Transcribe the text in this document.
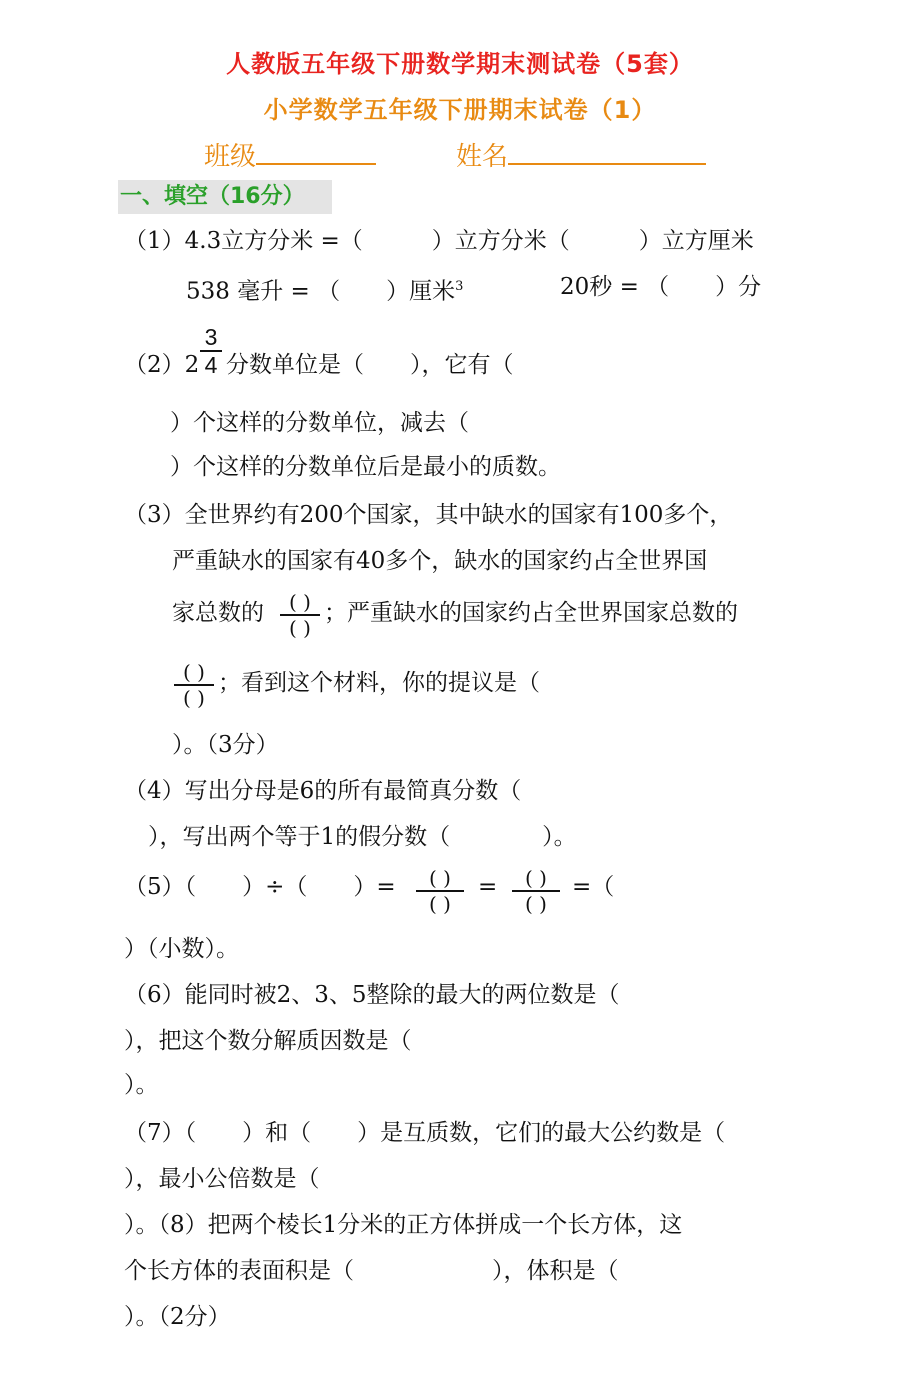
人教版五年级下册数学期末测试卷（5套）
小学数学五年级下册期末试卷（1）
班级	姓名
一、填空（16分）
（1）4.3立方分米 =（　　　）立方分米（　　　）立方厘米
538 毫升 = （　　）厘米$^3$	20秒 = （　　）分
（2）2
3
4 分数单位是（　　），它有（
）个这样的分数单位，减去（
）个这样的分数单位后是最小的质数。
（3）全世界约有200个国家，其中缺水的国家有100多个，
严重缺水的国家有40多个，缺水的国家约占全世界国
家总数的	( )
( )
；严重缺水的国家约占全世界国家总数的
( )
( )
；看到这个材料，你的提议是（
）。（3分）
（4）写出分母是6的所有最简真分数（
），写出两个等于1的假分数（　　　　）。
（5）（　　）÷（　　）=	( )
( )
=	( )
( )
=（
）（小数）。
（6）能同时被2、3、5整除的最大的两位数是（
），把这个数分解质因数是（
）。
（7）（　　）和（　　）是互质数，它们的最大公约数是（
），最小公倍数是（
）。（8）把两个棱长1分米的正方体拼成一个长方体，这
个长方体的表面积是（　　　　　　），体积是（
）。（2分）
